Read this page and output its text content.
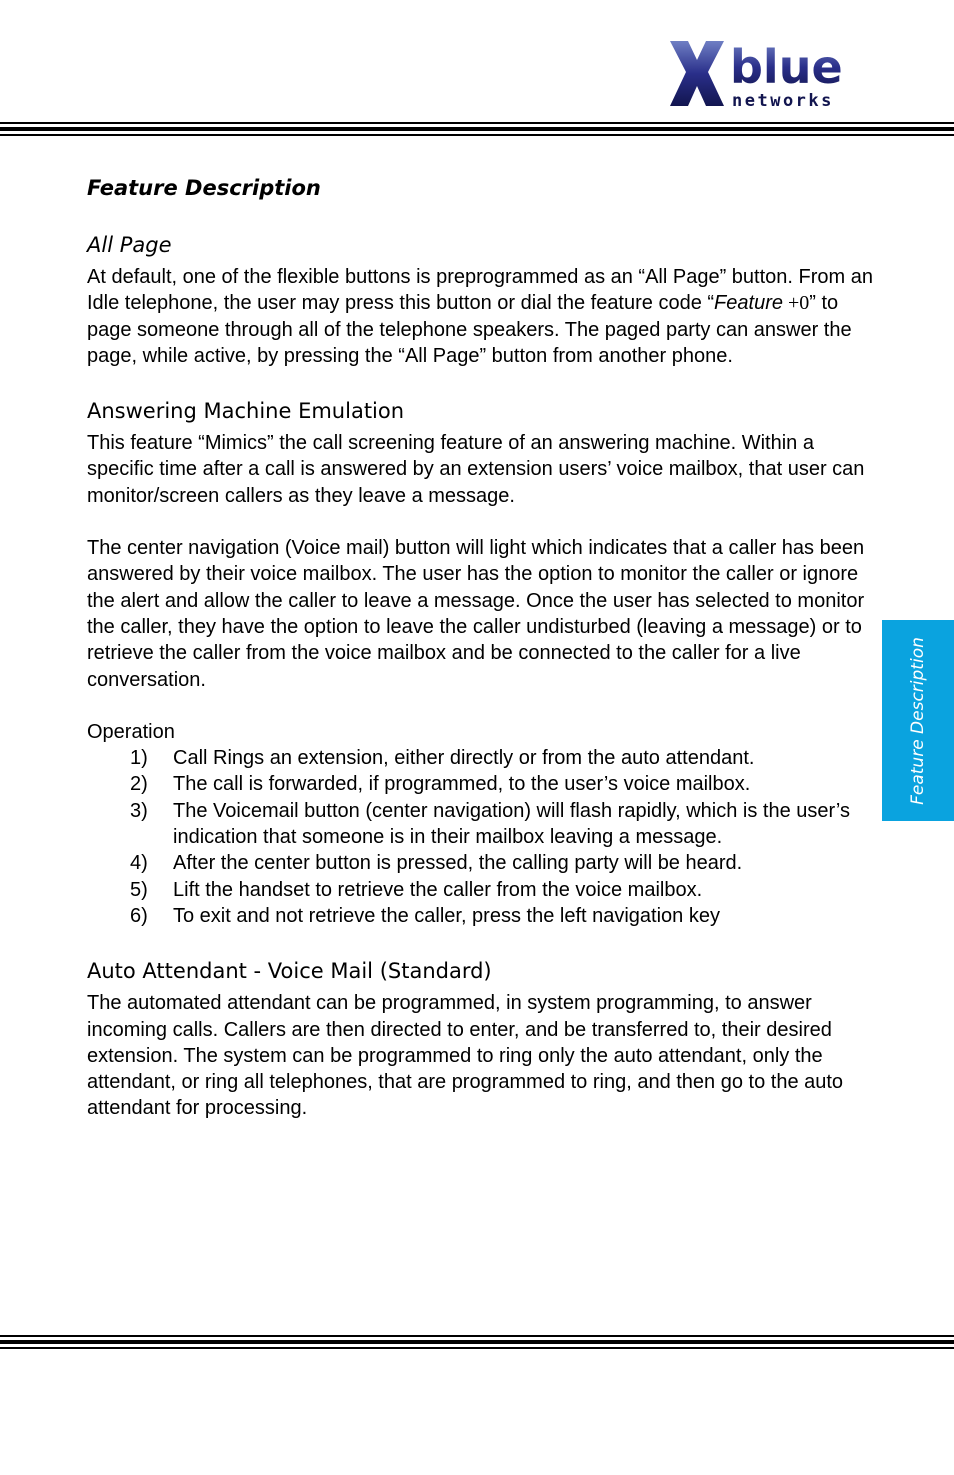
blue
networks
Feature Description
Feature Description
All Page

At default, one of the flexible buttons is preprogrammed as an “All Page” button. From an Idle telephone, the user may press this button or dial the feature code “Feature +0” to page someone through all of the telephone speakers. The paged party can answer the page, while active, by pressing the “All Page” button from another phone.

Answering Machine Emulation

This feature “Mimics” the call screening feature of an answering machine. Within a specific time after a call is answered by an extension users’ voice mailbox, that user can monitor/screen callers as they leave a message.

The center navigation (Voice mail) button will light which indicates that a caller has been answered by their voice mailbox. The user has the option to monitor the caller or ignore the alert and allow the caller to leave a message. Once the user has selected to monitor the caller, they have the option to leave the caller undisturbed (leaving a message) or to retrieve the caller from the voice mailbox and be connected to the caller for a live conversation.

Operation

1) Call Rings an extension, either directly or from the auto attendant.
2) The call is forwarded, if programmed, to the user’s voice mailbox.
3) The Voicemail button (center navigation) will flash rapidly, which is the user’s indication that someone is in their mailbox leaving a message.
4) After the center button is pressed, the calling party will be heard.
5) Lift the handset to retrieve the caller from the voice mailbox.
6) To exit and not retrieve the caller, press the left navigation key
Auto Attendant - Voice Mail (Standard)

The automated attendant can be programmed, in system programming, to answer incoming calls. Callers are then directed to enter, and be transferred to, their desired extension. The system can be programmed to ring only the auto attendant, only the attendant, or ring all telephones, that are programmed to ring, and then go to the auto attendant for processing.
